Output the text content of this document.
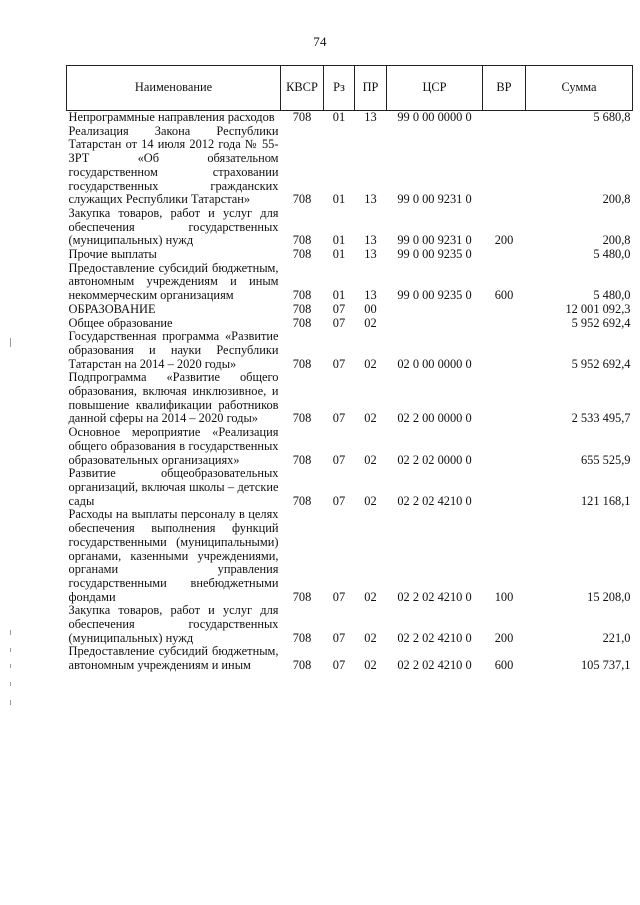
74
Наименование	КВСР	Рз	ПР	ЦСР	ВР	Сумма
Непрограммные направления расходов	708	01	13	99 0 00 0000 0		5 680,8
Реализация Закона Республики Татарстан от 14 июля 2012 года № 55-ЗРТ «Об обязательном государственном страховании государственных гражданских служащих Республики Татарстан»	708	01	13	99 0 00 9231 0		200,8
Закупка товаров, работ и услуг для обеспечения государственных (муниципальных) нужд	708	01	13	99 0 00 9231 0	200	200,8
Прочие выплаты	708	01	13	99 0 00 9235 0		5 480,0
Предоставление субсидий бюджетным, автономным учреждениям и иным некоммерческим организациям	708	01	13	99 0 00 9235 0	600	5 480,0
ОБРАЗОВАНИЕ	708	07	00			12 001 092,3
Общее образование	708	07	02			5 952 692,4
Государственная программа «Развитие образования и науки Республики Татарстан на 2014 – 2020 годы»	708	07	02	02 0 00 0000 0		5 952 692,4
Подпрограмма «Развитие общего образования, включая инклюзивное, и повышение квалификации работников данной сферы на 2014 – 2020 годы»	708	07	02	02 2 00 0000 0		2 533 495,7
Основное мероприятие «Реализация общего образования в государственных образовательных организациях»	708	07	02	02 2 02 0000 0		655 525,9
Развитие общеобразовательных организаций, включая школы – детские сады	708	07	02	02 2 02 4210 0		121 168,1
Расходы на выплаты персоналу в целях обеспечения выполнения функций государственными (муниципальными) органами, казенными учреждениями, органами управления государственными внебюджетными фондами	708	07	02	02 2 02 4210 0	100	15 208,0
Закупка товаров, работ и услуг для обеспечения государственных (муниципальных) нужд	708	07	02	02 2 02 4210 0	200	221,0
Предоставление субсидий бюджетным, автономным учреждениям и иным	708	07	02	02 2 02 4210 0	600	105 737,1
